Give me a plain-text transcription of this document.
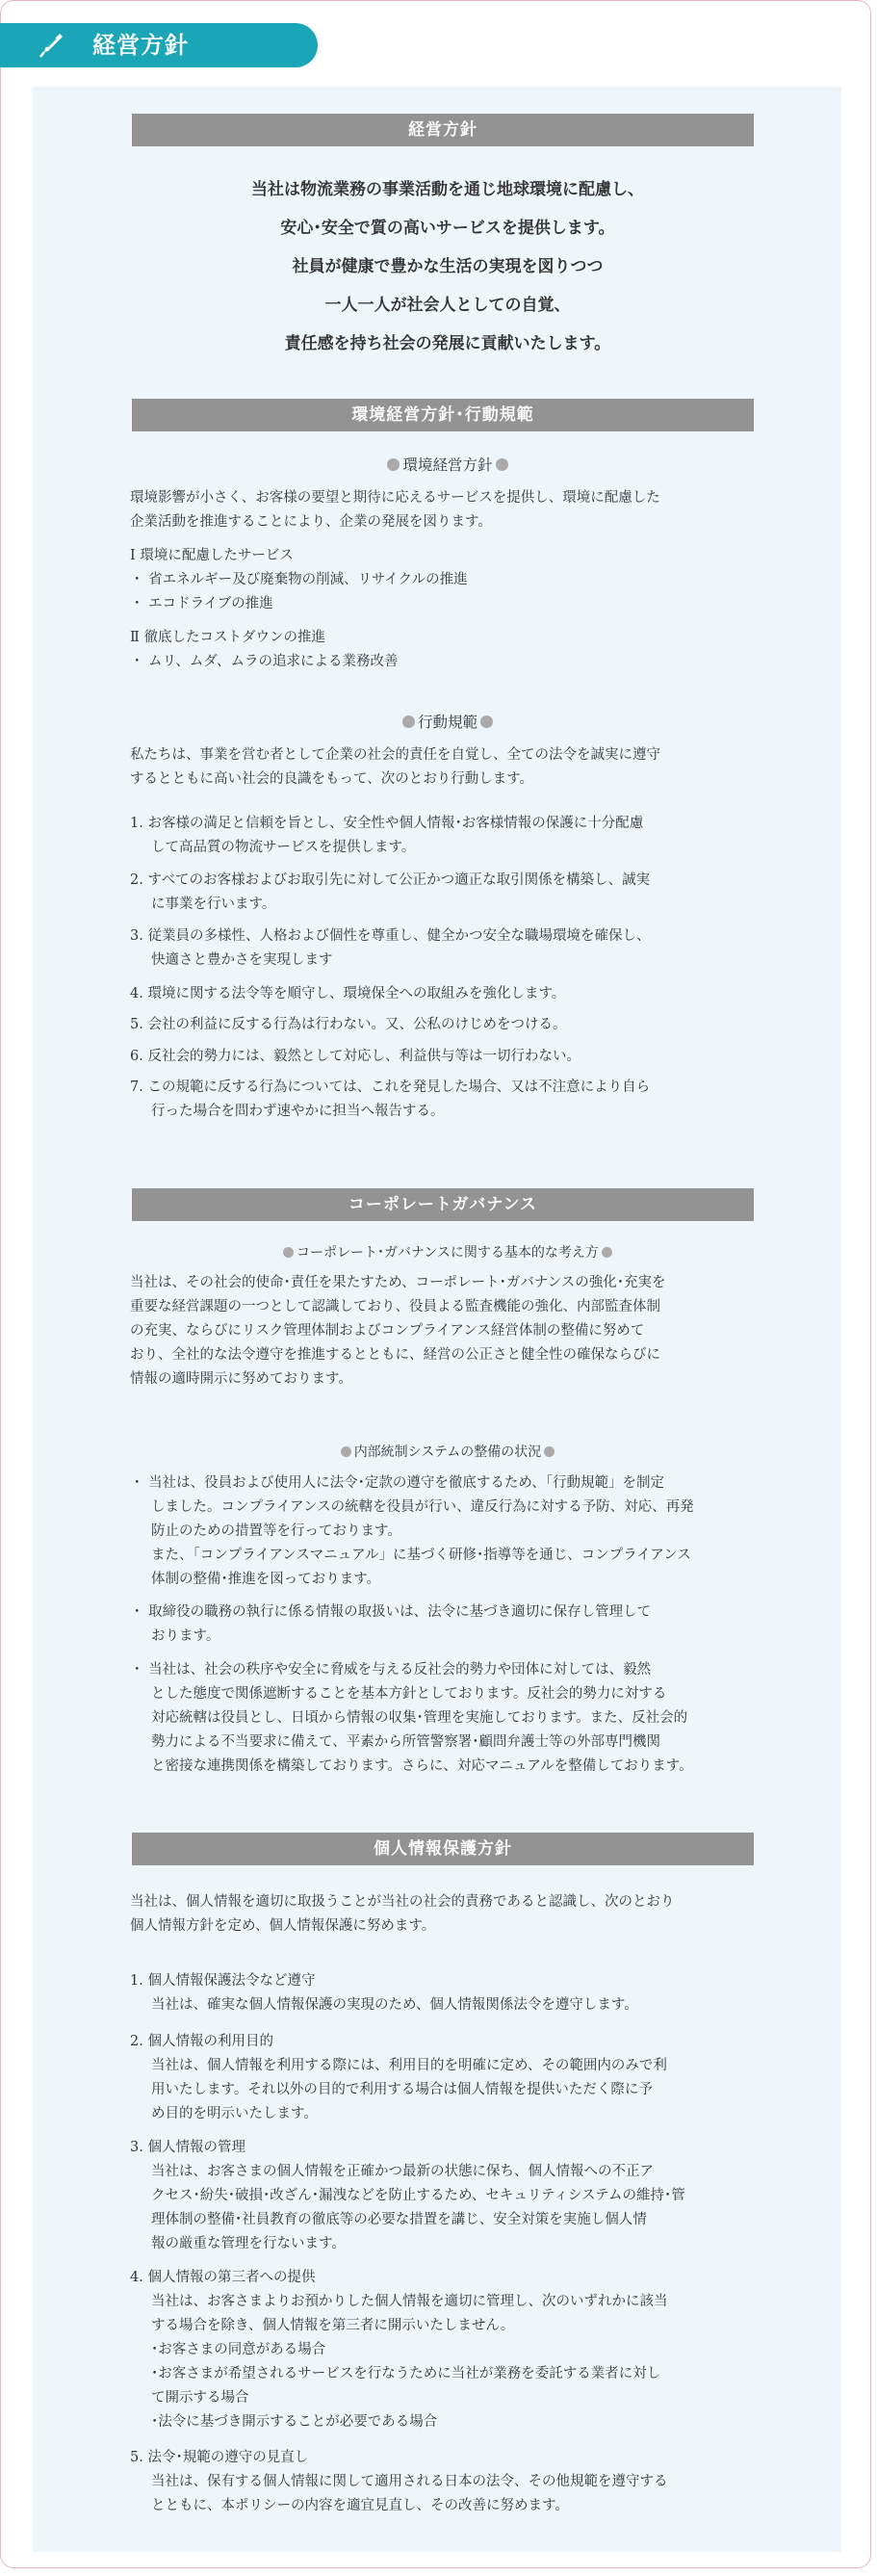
経営方針
経営方針
当社は物流業務の事業活動を通じ地球環境に配慮し、
安心･安全で質の高いサービスを提供します。
社員が健康で豊かな生活の実現を図りつつ
一人一人が社会人としての自覚、
責任感を持ち社会の発展に貢献いたします。
環境経営方針･行動規範
環境経営方針
環境影響が小さく、お客様の要望と期待に応えるサービスを提供し、環境に配慮した
企業活動を推進することにより、企業の発展を図ります。
Ⅰ 環境に配慮したサービス
・ 省エネルギー及び廃棄物の削減、リサイクルの推進
・ エコドライブの推進
Ⅱ 徹底したコストダウンの推進
・ ムリ、ムダ、ムラの追求による業務改善
行動規範
私たちは、事業を営む者として企業の社会的責任を自覚し、全ての法令を誠実に遵守
するとともに高い社会的良識をもって、次のとおり行動します。
1. お客様の満足と信頼を旨とし、安全性や個人情報･お客様情報の保護に十分配慮
して高品質の物流サービスを提供します。
2. すべてのお客様およびお取引先に対して公正かつ適正な取引関係を構築し、誠実
に事業を行います。
3. 従業員の多様性、人格および個性を尊重し、健全かつ安全な職場環境を確保し、
快適さと豊かさを実現します
4. 環境に関する法令等を順守し、環境保全への取組みを強化します。
5. 会社の利益に反する行為は行わない。又、公私のけじめをつける。
6. 反社会的勢力には、毅然として対応し、利益供与等は一切行わない。
7. この規範に反する行為については、これを発見した場合、又は不注意により自ら
行った場合を問わず速やかに担当へ報告する。
コーポレートガバナンス
コーポレート･ガバナンスに関する基本的な考え方
当社は、その社会的使命･責任を果たすため、コーポレート･ガバナンスの強化･充実を
重要な経営課題の一つとして認識しており、役員よる監査機能の強化、内部監査体制
の充実、ならびにリスク管理体制およびコンプライアンス経営体制の整備に努めて
おり、全社的な法令遵守を推進するとともに、経営の公正さと健全性の確保ならびに
情報の適時開示に努めております。
内部統制システムの整備の状況
・ 当社は、役員および使用人に法令･定款の遵守を徹底するため、「行動規範」を制定
しました。コンプライアンスの統轄を役員が行い、違反行為に対する予防、対応、再発
防止のための措置等を行っております。
また、「コンプライアンスマニュアル」に基づく研修･指導等を通じ、コンプライアンス
体制の整備･推進を図っております。
・ 取締役の職務の執行に係る情報の取扱いは、法令に基づき適切に保存し管理して
おります。
・ 当社は、社会の秩序や安全に脅威を与える反社会的勢力や団体に対しては、毅然
とした態度で関係遮断することを基本方針としております。反社会的勢力に対する
対応統轄は役員とし、日頃から情報の収集･管理を実施しております。また、反社会的
勢力による不当要求に備えて、平素から所管警察署･顧問弁護士等の外部専門機関
と密接な連携関係を構築しております。さらに、対応マニュアルを整備しております。
個人情報保護方針
当社は、個人情報を適切に取扱うことが当社の社会的責務であると認識し、次のとおり
個人情報方針を定め、個人情報保護に努めます。
1. 個人情報保護法令など遵守
当社は、確実な個人情報保護の実現のため、個人情報関係法令を遵守します。
2. 個人情報の利用目的
当社は、個人情報を利用する際には、利用目的を明確に定め、その範囲内のみで利
用いたします。それ以外の目的で利用する場合は個人情報を提供いただく際に予
め目的を明示いたします。
3. 個人情報の管理
当社は、お客さまの個人情報を正確かつ最新の状態に保ち、個人情報への不正ア
クセス･紛失･破損･改ざん･漏洩などを防止するため、セキュリティシステムの維持･管
理体制の整備･社員教育の徹底等の必要な措置を講じ、安全対策を実施し個人情
報の厳重な管理を行ないます。
4. 個人情報の第三者への提供
当社は、お客さまよりお預かりした個人情報を適切に管理し、次のいずれかに該当
する場合を除き、個人情報を第三者に開示いたしません。
･お客さまの同意がある場合
･お客さまが希望されるサービスを行なうために当社が業務を委託する業者に対し
て開示する場合
･法令に基づき開示することが必要である場合
5. 法令･規範の遵守の見直し
当社は、保有する個人情報に関して適用される日本の法令、その他規範を遵守する
とともに、本ポリシーの内容を適宜見直し、その改善に努めます。
